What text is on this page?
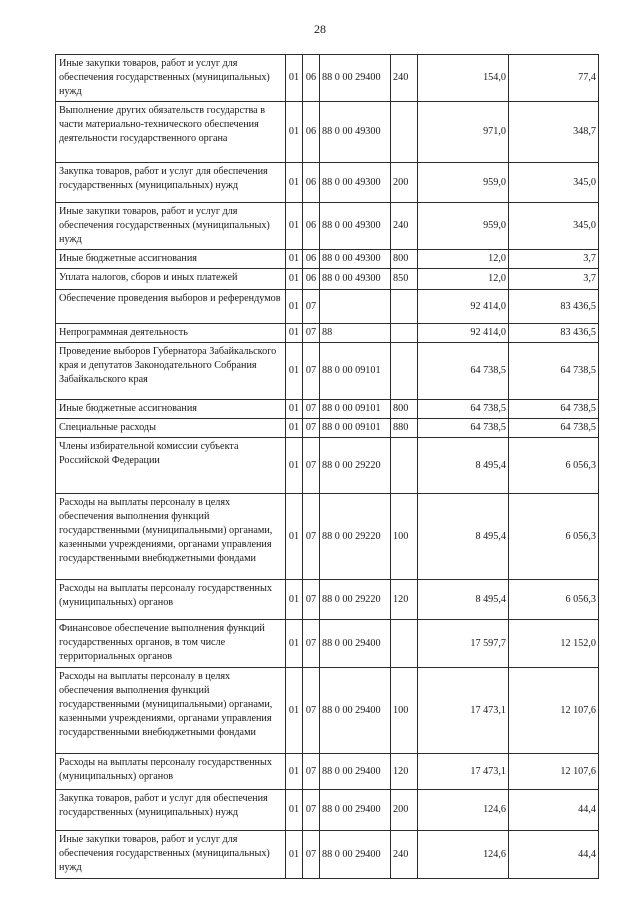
28
Иные закупки товаров, работ и услуг для обеспечения государственных (муниципальных) нужд	01	06	88 0 00 29400	240	154,0	77,4
Выполнение других обязательств государства в части материально-технического обеспечения деятельности государственного органа	01	06	88 0 00 49300		971,0	348,7
Закупка товаров, работ и услуг для обеспечения государственных (муниципальных) нужд	01	06	88 0 00 49300	200	959,0	345,0
Иные закупки товаров, работ и услуг для обеспечения государственных (муниципальных) нужд	01	06	88 0 00 49300	240	959,0	345,0
Иные бюджетные ассигнования	01	06	88 0 00 49300	800	12,0	3,7
Уплата налогов, сборов и иных платежей	01	06	88 0 00 49300	850	12,0	3,7
Обеспечение проведения выборов и референдумов	01	07			92 414,0	83 436,5
Непрограммная деятельность	01	07	88		92 414,0	83 436,5
Проведение выборов Губернатора Забайкальского края и депутатов Законодательного Собрания Забайкальского края	01	07	88 0 00 09101		64 738,5	64 738,5
Иные бюджетные ассигнования	01	07	88 0 00 09101	800	64 738,5	64 738,5
Специальные расходы	01	07	88 0 00 09101	880	64 738,5	64 738,5
Члены избирательной комиссии субъекта Российской Федерации	01	07	88 0 00 29220		8 495,4	6 056,3
Расходы на выплаты персоналу в целях обеспечения выполнения функций государственными (муниципальными) органами, казенными учреждениями, органами управления государственными внебюджетными фондами	01	07	88 0 00 29220	100	8 495,4	6 056,3
Расходы на выплаты персоналу государственных (муниципальных) органов	01	07	88 0 00 29220	120	8 495,4	6 056,3
Финансовое обеспечение выполнения функций государственных органов, в том числе территориальных органов	01	07	88 0 00 29400		17 597,7	12 152,0
Расходы на выплаты персоналу в целях обеспечения выполнения функций государственными (муниципальными) органами, казенными учреждениями, органами управления государственными внебюджетными фондами	01	07	88 0 00 29400	100	17 473,1	12 107,6
Расходы на выплаты персоналу государственных (муниципальных) органов	01	07	88 0 00 29400	120	17 473,1	12 107,6
Закупка товаров, работ и услуг для обеспечения государственных (муниципальных) нужд	01	07	88 0 00 29400	200	124,6	44,4
Иные закупки товаров, работ и услуг для обеспечения государственных (муниципальных) нужд	01	07	88 0 00 29400	240	124,6	44,4
